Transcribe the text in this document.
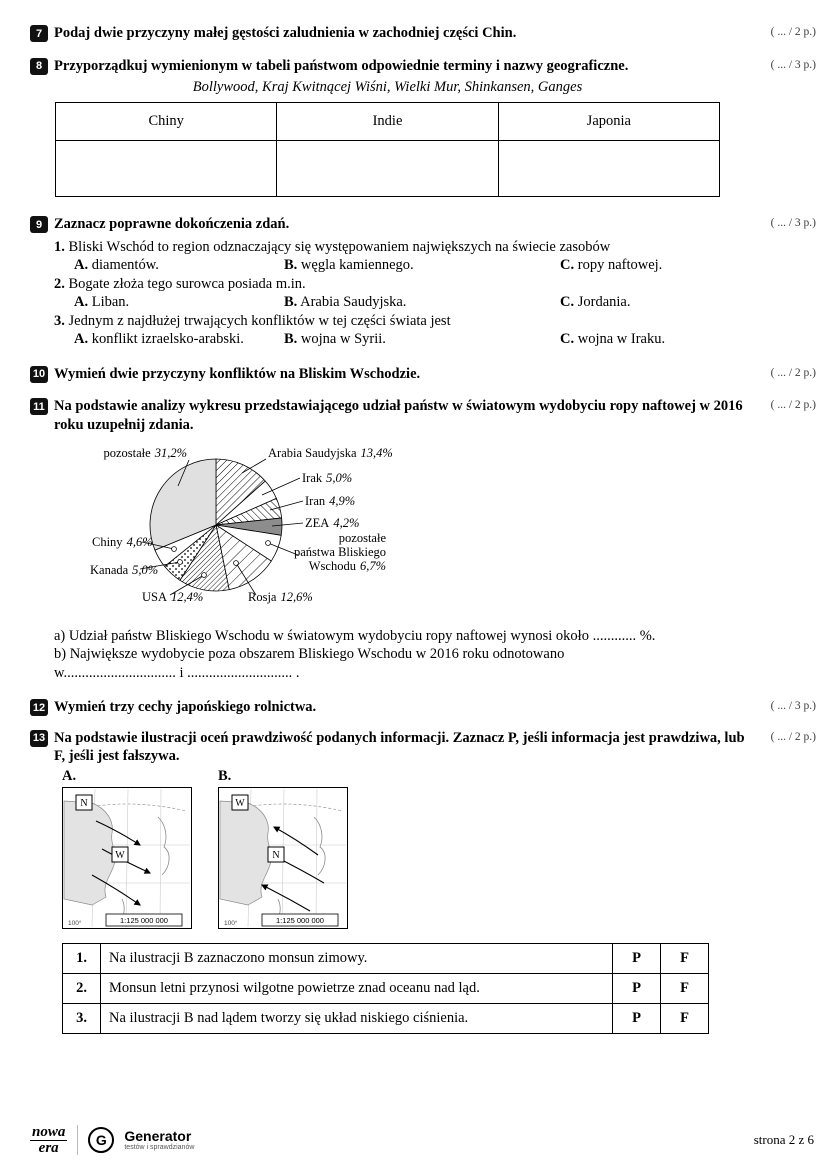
7 Podaj dwie przyczyny małej gęstości zaludnienia w zachodniej części Chin.	( ... / 2 p.)
8 Przyporządkuj wymienionym w tabeli państwom odpowiednie terminy i nazwy geograficzne.	( ... / 3 p.)
Bollywood, Kraj Kwitnącej Wiśni, Wielki Mur, Shinkansen, Ganges
Chiny	Indie	Japonia

9 Zaznacz poprawne dokończenia zdań.	( ... / 3 p.)
1. Bliski Wschód to region odznaczający się występowaniem największych na świecie zasobów
A. diamentów.	B. węgla kamiennego.	C. ropy naftowej.
2. Bogate złoża tego surowca posiada m.in.
A. Liban.	B. Arabia Saudyjska.	C. Jordania.
3. Jednym z najdłużej trwających konfliktów w tej części świata jest
A. konflikt izraelsko-arabski.	B. wojna w Syrii.	C. wojna w Iraku.
10 Wymień dwie przyczyny konfliktów na Bliskim Wschodzie.	( ... / 2 p.)
11 Na podstawie analizy wykresu przedstawiającego udział państw w światowym wydobyciu ropy naftowej w 2016 roku uzupełnij zdania.
( ... / 2 p.)
pozostałe 31,2%	Arabia Saudyjska 13,4%
Irak 5,0%
Iran 4,9%
ZEA 4,2%
pozostałe
państwa Bliskiego
Wschodu 6,7%
Rosja 12,6%
USA 12,4%
Kanada 5,0%
Chiny 4,6%
a) Udział państw Bliskiego Wschodu w światowym wydobyciu ropy naftowej wynosi około ............ %.
b) Największe wydobycie poza obszarem Bliskiego Wschodu w 2016 roku odnotowano
w............................... i ............................. .
12 Wymień trzy cechy japońskiego rolnictwa.	( ... / 3 p.)
13 Na podstawie ilustracji oceń prawdziwość podanych informacji. Zaznacz P, jeśli informacja jest prawdziwa, lub F, jeśli jest fałszywa.
( ... / 2 p.)
A.	B.
N
W
1:125 000 000
100°
W
N
1:125 000 000
100°
1.	Na ilustracji B zaznaczono monsun zimowy.	P	F
2.	Monsun letni przynosi wilgotne powietrze znad oceanu nad ląd.	P	F
3.	Na ilustracji B nad lądem tworzy się układ niskiego ciśnienia.	P	F
nowa
era	G Generator
testów i sprawdzianów
strona 2 z 6
